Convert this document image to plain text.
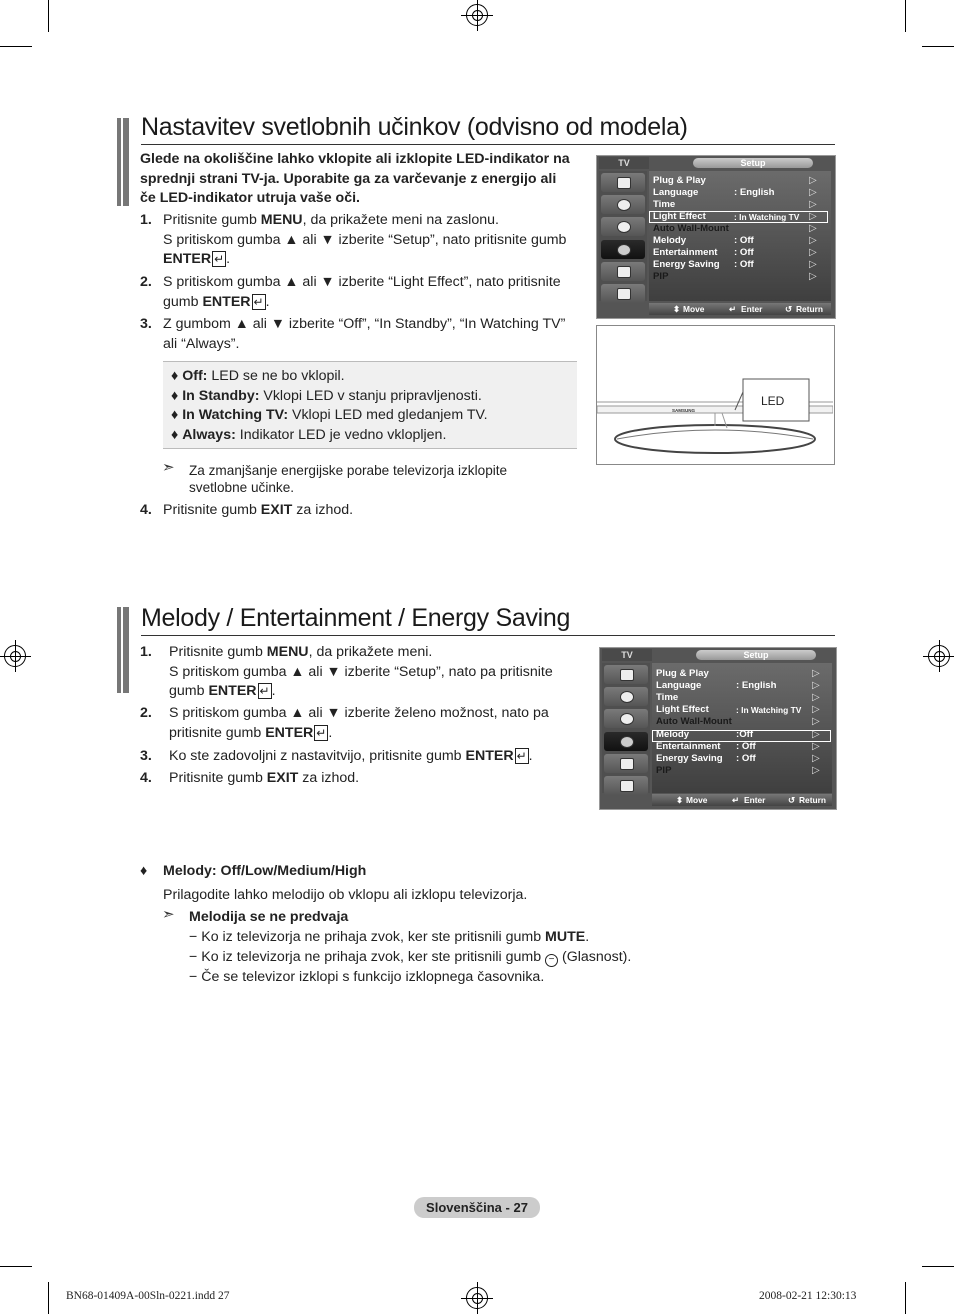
Nastavitev svetlobnih učinkov (odvisno od modela)
Glede na okoliščine lahko vklopite ali izklopite LED-indikator na
sprednji strani TV-ja. Uporabite ga za varčevanje z energijo ali
če LED-indikator utruja vaše oči.
1. Pritisnite gumb MENU, da prikažete meni na zaslonu.
S pritiskom gumba ▲ ali ▼ izberite “Setup”, nato pritisnite gumb
ENTER ↵ .
2. S pritiskom gumba ▲ ali ▼ izberite “Light Effect”, nato pritisnite
gumb ENTER ↵ .
3. Z gumbom ▲ ali ▼ izberite “Off”, “In Standby”, “In Watching TV”
ali “Always”.
♦ Off: LED se ne bo vklopil.
♦ In Standby: Vklopi LED v stanju pripravljenosti.
♦ In Watching TV: Vklopi LED med gledanjem TV.
♦ Always: Indikator LED je vedno vklopljen.
➣ Za zmanjšanje energijske porabe televizorja izklopite
svetlobne učinke.
4. Pritisnite gumb EXIT za izhod.
TV	Setup
Plug & Play
Language	: English
Time
Light Effect	: In Watching TV
Auto Wall-Mount
Melody	: Off
Entertainment : Off
Energy Saving : Off
PIP
▷
▷
▷
▷
▷
▷
▷
▷
▷
⬍ Move	↵ Enter	↺ Return
LED
SAMSUNG
Melody / Entertainment / Energy Saving
1. Pritisnite gumb MENU, da prikažete meni.
S pritiskom gumba ▲ ali ▼ izberite “Setup”, nato pa pritisnite
gumb ENTER ↵ .
2. S pritiskom gumba ▲ ali ▼ izberite želeno možnost, nato pa
pritisnite gumb ENTER ↵ .
3. Ko ste zadovoljni z nastavitvijo, pritisnite gumb ENTER ↵ .
4. Pritisnite gumb EXIT za izhod.
TV	Setup
Plug & Play
Language	: English
Time
Light Effect	: In Watching TV
Auto Wall-Mount
Melody	:Off
Entertainment : Off
Energy Saving : Off
PIP
▷
▷
▷
▷
▷
▷
▷
▷
▷
⬍ Move	↵ Enter	↺ Return
♦ Melody: Off/Low/Medium/High
Prilagodite lahko melodijo ob vklopu ali izklopu televizorja.
➣ Melodija se ne predvaja
− Ko iz televizorja ne prihaja zvok, ker ste pritisnili gumb MUTE.
− Ko iz televizorja ne prihaja zvok, ker ste pritisnili gumb − (Glasnost).
− Če se televizor izklopi s funkcijo izklopnega časovnika.
Slovenščina - 27
BN68-01409A-00Sln-0221.indd 27	2008-02-21 12:30:13
